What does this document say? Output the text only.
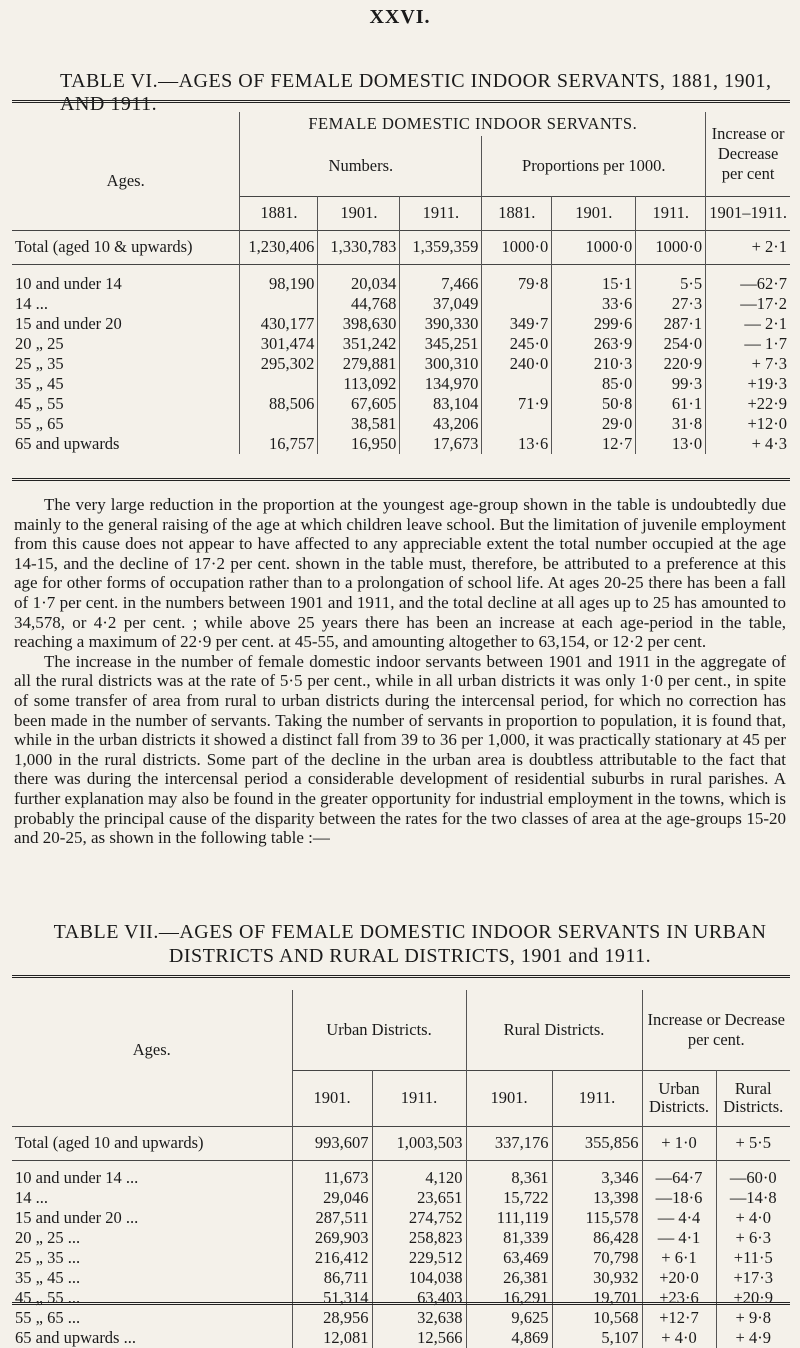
XXVI.
TABLE VI.—AGES OF FEMALE DOMESTIC INDOOR SERVANTS, 1881, 1901, AND 1911.
Ages.	FEMALE DOMESTIC INDOOR SERVANTS.						Increase or Decrease per cent
	Numbers.			Proportions per 1000.			
	1881.	1901.	1911.	1881.	1901.	1911.	1901–1911.
Total (aged 10 & upwards)	1,230,406	1,330,783	1,359,359	1000·0	1000·0	1000·0	+ 2·1

10 and under 14	98,190	20,034	7,466	79·8	15·1	5·5	—62·7
14 ...		44,768	37,049		33·6	27·3	—17·2
15 and under 20	430,177	398,630	390,330	349·7	299·6	287·1	— 2·1
20 „ 25	301,474	351,242	345,251	245·0	263·9	254·0	— 1·7
25 „ 35	295,302	279,881	300,310	240·0	210·3	220·9	+ 7·3
35 „ 45		113,092	134,970		85·0	99·3	+19·3
45 „ 55	88,506	67,605	83,104	71·9	50·8	61·1	+22·9
55 „ 65		38,581	43,206		29·0	31·8	+12·0
65 and upwards	16,757	16,950	17,673	13·6	12·7	13·0	+ 4·3

The very large reduction in the proportion at the youngest age-group shown in the table is undoubtedly due mainly to the general raising of the age at which children leave school. But the limitation of juvenile employment from this cause does not appear to have affected to any appreciable extent the total number occupied at the age 14-15, and the decline of 17·2 per cent. shown in the table must, therefore, be attributed to a preference at this age for other forms of occupation rather than to a prolongation of school life. At ages 20-25 there has been a fall of 1·7 per cent. in the numbers between 1901 and 1911, and the total decline at all ages up to 25 has amounted to 34,578, or 4·2 per cent. ; while above 25 years there has been an increase at each age-period in the table, reaching a maximum of 22·9 per cent. at 45-55, and amounting altogether to 63,154, or 12·2 per cent.

The increase in the number of female domestic indoor servants between 1901 and 1911 in the aggregate of all the rural districts was at the rate of 5·5 per cent., while in all urban districts it was only 1·0 per cent., in spite of some transfer of area from rural to urban districts during the intercensal period, for which no correction has been made in the number of servants. Taking the number of servants in proportion to population, it is found that, while in the urban districts it showed a distinct fall from 39 to 36 per 1,000, it was practically stationary at 45 per 1,000 in the rural districts. Some part of the decline in the urban area is doubtless attributable to the fact that there was during the intercensal period a considerable development of residential suburbs in rural parishes. A further explanation may also be found in the greater opportunity for industrial employment in the towns, which is probably the principal cause of the disparity between the rates for the two classes of area at the age-groups 15-20 and 20-25, as shown in the following table :—

TABLE VII.—AGES OF FEMALE DOMESTIC INDOOR SERVANTS IN URBAN DISTRICTS AND RURAL DISTRICTS, 1901 and 1911.
Ages.	Urban Districts.		Rural Districts.		Increase or Decrease per cent.	
	1901.	1911.	1901.	1911.	Urban Districts.	Rural Districts.
Total (aged 10 and upwards)	993,607	1,003,503	337,176	355,856	+ 1·0	+ 5·5

10 and under 14 ...	11,673	4,120	8,361	3,346	—64·7	—60·0
14 ...	29,046	23,651	15,722	13,398	—18·6	—14·8
15 and under 20 ...	287,511	274,752	111,119	115,578	— 4·4	+ 4·0
20 „ 25 ...	269,903	258,823	81,339	86,428	— 4·1	+ 6·3
25 „ 35 ...	216,412	229,512	63,469	70,798	+ 6·1	+11·5
35 „ 45 ...	86,711	104,038	26,381	30,932	+20·0	+17·3
45 „ 55 ...	51,314	63,403	16,291	19,701	+23·6	+20·9
55 „ 65 ...	28,956	32,638	9,625	10,568	+12·7	+ 9·8
65 and upwards ...	12,081	12,566	4,869	5,107	+ 4·0	+ 4·9
